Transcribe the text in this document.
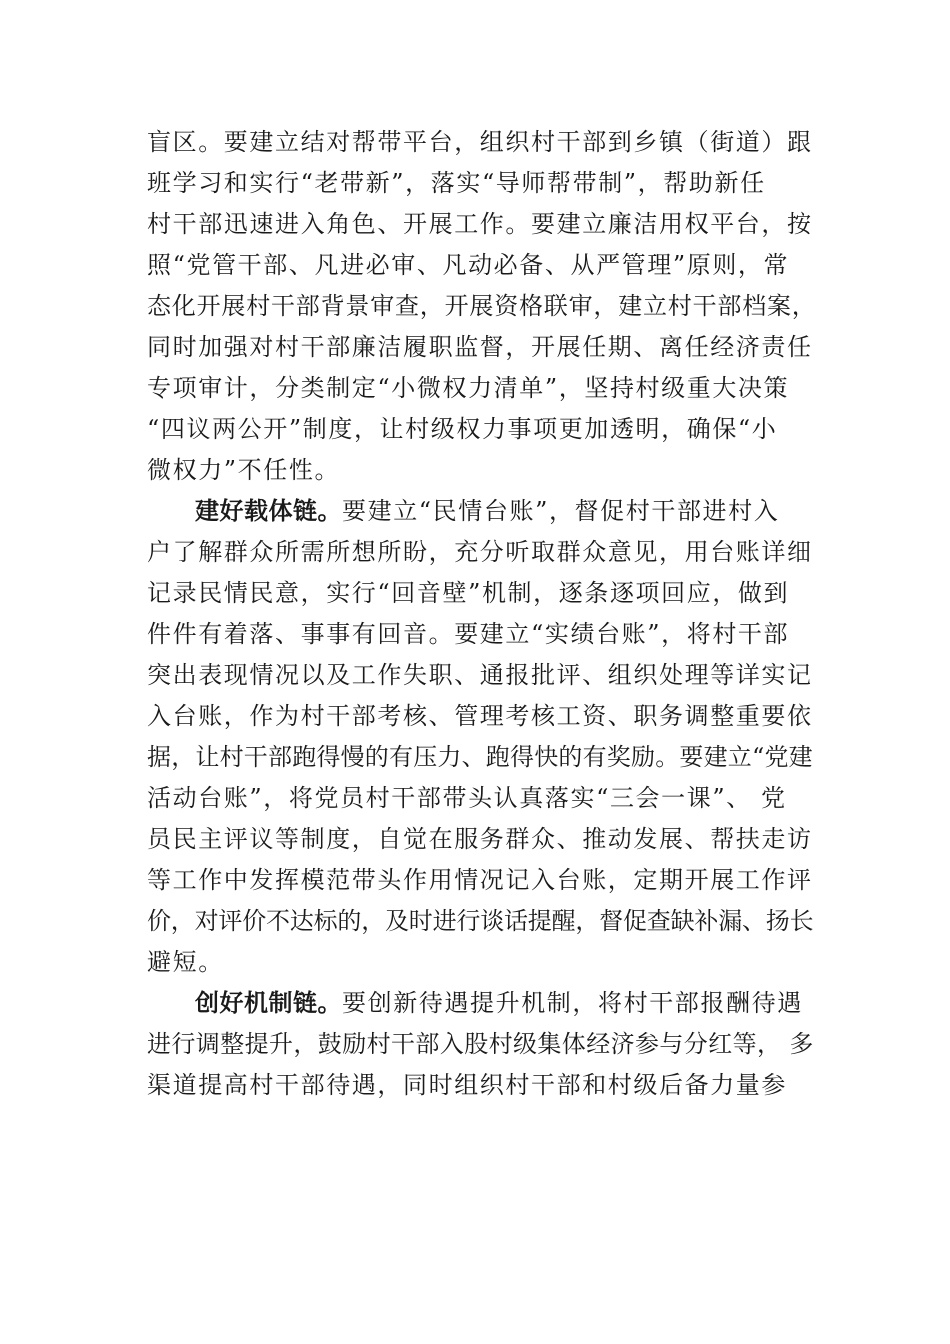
盲区。要建立结对帮带平台，组织村干部到乡镇（街道）跟
班学习和实行“老带新”，落实“导师帮带制”，帮助新任
村干部迅速进入角色、开展工作。要建立廉洁用权平台，按
照“党管干部、凡进必审、凡动必备、从严管理”原则，常
态化开展村干部背景审查，开展资格联审，建立村干部档案，
同时加强对村干部廉洁履职监督，开展任期、离任经济责任
专项审计，分类制定“小微权力清单”，坚持村级重大决策
“四议两公开”制度，让村级权力事项更加透明，确保“小
微权力”不任性。
建好载体链。要建立“民情台账”，督促村干部进村入
户了解群众所需所想所盼，充分听取群众意见，用台账详细
记录民情民意，实行“回音壁”机制，逐条逐项回应，做到
件件有着落、事事有回音。要建立“实绩台账”，将村干部
突出表现情况以及工作失职、通报批评、组织处理等详实记
入台账，作为村干部考核、管理考核工资、职务调整重要依
据，让村干部跑得慢的有压力、跑得快的有奖励。要建立“党建
活动台账”，将党员村干部带头认真落实“三会一课”、 党
员民主评议等制度，自觉在服务群众、推动发展、帮扶走访
等工作中发挥模范带头作用情况记入台账，定期开展工作评
价，对评价不达标的，及时进行谈话提醒，督促查缺补漏、扬长
避短。
创好机制链。要创新待遇提升机制，将村干部报酬待遇
进行调整提升，鼓励村干部入股村级集体经济参与分红等， 多
渠道提高村干部待遇，同时组织村干部和村级后备力量参
